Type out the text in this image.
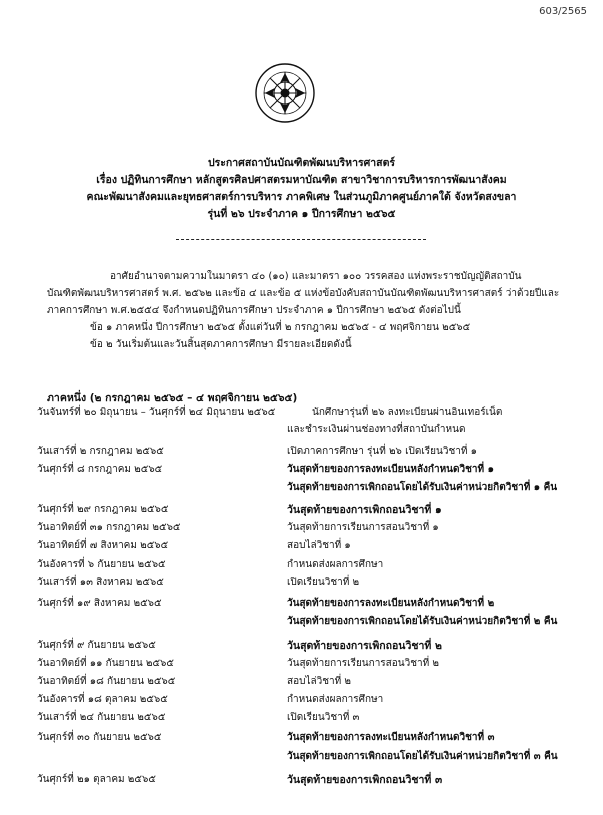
603/2565
ประกาศสถาบันบัณฑิตพัฒนบริหารศาสตร์
เรื่อง ปฏิทินการศึกษา หลักสูตรศิลปศาสตรมหาบัณฑิต สาขาวิชาการบริหารการพัฒนาสังคม
คณะพัฒนาสังคมและยุทธศาสตร์การบริหาร ภาคพิเศษ ในส่วนภูมิภาคศูนย์ภาคใต้ จังหวัดสงขลา
รุ่นที่ ๒๖ ประจำภาค ๑ ปีการศึกษา ๒๕๖๕
อาศัยอำนาจตามความในมาตรา ๔๐ (๑๐) และมาตรา ๑๐๐ วรรคสอง แห่งพระราชบัญญัติสถาบัน
บัณฑิตพัฒนบริหารศาสตร์ พ.ศ. ๒๕๖๒ และข้อ ๔ และข้อ ๕ แห่งข้อบังคับสถาบันบัณฑิตพัฒนบริหารศาสตร์ ว่าด้วยปีและ
ภาคการศึกษา พ.ศ.๒๕๕๔ จึงกำหนดปฏิทินการศึกษา ประจำภาค ๑ ปีการศึกษา ๒๕๖๕ ดังต่อไปนี้
ข้อ ๑ ภาคหนึ่ง ปีการศึกษา ๒๕๖๕ ตั้งแต่วันที่ ๒ กรกฎาคม ๒๕๖๕ - ๔ พฤศจิกายน ๒๕๖๕
ข้อ ๒ วันเริ่มต้นและวันสิ้นสุดภาคการศึกษา มีรายละเอียดดังนี้
ภาคหนึ่ง (๒ กรกฎาคม ๒๕๖๕ – ๔ พฤศจิกายน ๒๕๖๕)
วันจันทร์ที่ ๒๐ มิถุนายน – วันศุกร์ที่ ๒๔ มิถุนายน ๒๕๖๕	นักศึกษารุ่นที่ ๒๖ ลงทะเบียนผ่านอินเทอร์เน็ต
และชำระเงินผ่านช่องทางที่สถาบันกำหนด
วันเสาร์ที่ ๒ กรกฎาคม ๒๕๖๕	เปิดภาคการศึกษา รุ่นที่ ๒๖ เปิดเรียนวิชาที่ ๑
วันศุกร์ที่ ๘ กรกฎาคม ๒๕๖๕	วันสุดท้ายของการลงทะเบียนหลังกำหนดวิชาที่ ๑
วันสุดท้ายของการเพิกถอนโดยได้รับเงินค่าหน่วยกิตวิชาที่ ๑ คืน
วันศุกร์ที่ ๒๙ กรกฎาคม ๒๕๖๕	วันสุดท้ายของการเพิกถอนวิชาที่ ๑
วันอาทิตย์ที่ ๓๑ กรกฎาคม ๒๕๖๕	วันสุดท้ายการเรียนการสอนวิชาที่ ๑
วันอาทิตย์ที่ ๗ สิงหาคม ๒๕๖๕	สอบไล่วิชาที่ ๑
วันอังคารที่ ๖ กันยายน ๒๕๖๕	กำหนดส่งผลการศึกษา
วันเสาร์ที่ ๑๓ สิงหาคม ๒๕๖๕	เปิดเรียนวิชาที่ ๒
วันศุกร์ที่ ๑๙ สิงหาคม ๒๕๖๕	วันสุดท้ายของการลงทะเบียนหลังกำหนดวิชาที่ ๒
วันสุดท้ายของการเพิกถอนโดยได้รับเงินค่าหน่วยกิตวิชาที่ ๒ คืน
วันศุกร์ที่ ๙ กันยายน ๒๕๖๕	วันสุดท้ายของการเพิกถอนวิชาที่ ๒
วันอาทิตย์ที่ ๑๑ กันยายน ๒๕๖๕	วันสุดท้ายการเรียนการสอนวิชาที่ ๒
วันอาทิตย์ที่ ๑๘ กันยายน ๒๕๖๕	สอบไล่วิชาที่ ๒
วันอังคารที่ ๑๘ ตุลาคม ๒๕๖๕	กำหนดส่งผลการศึกษา
วันเสาร์ที่ ๒๔ กันยายน ๒๕๖๕	เปิดเรียนวิชาที่ ๓
วันศุกร์ที่ ๓๐ กันยายน ๒๕๖๕	วันสุดท้ายของการลงทะเบียนหลังกำหนดวิชาที่ ๓
วันสุดท้ายของการเพิกถอนโดยได้รับเงินค่าหน่วยกิตวิชาที่ ๓ คืน
วันศุกร์ที่ ๒๑ ตุลาคม ๒๕๖๕	วันสุดท้ายของการเพิกถอนวิชาที่ ๓
